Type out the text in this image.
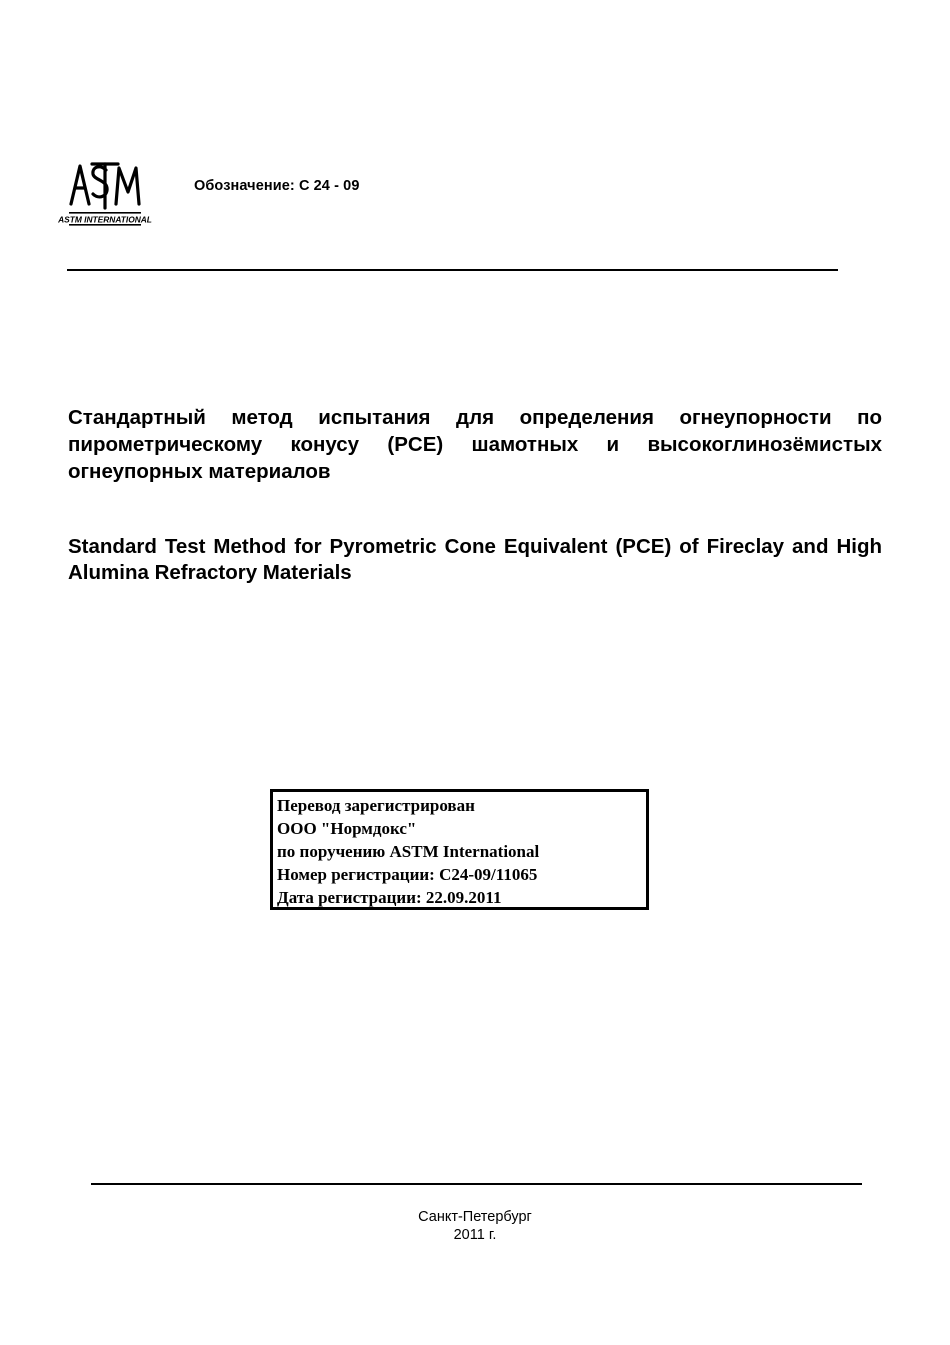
ASTM INTERNATIONAL
Обозначение: C 24 - 09
Стандартный метод испытания для определения огнеупорности по пирометрическому конусу (PCE) шамотных и высокоглинозёмистых огнеупорных материалов
Standard Test Method for Pyrometric Cone Equivalent (PCE) of Fireclay and High Alumina Refractory Materials
Перевод зарегистрирован
ООО "Нормдокс"
по поручению ASTM International
Номер регистрации: C24-09/11065
Дата регистрации: 22.09.2011
Санкт-Петербург
2011 г.
